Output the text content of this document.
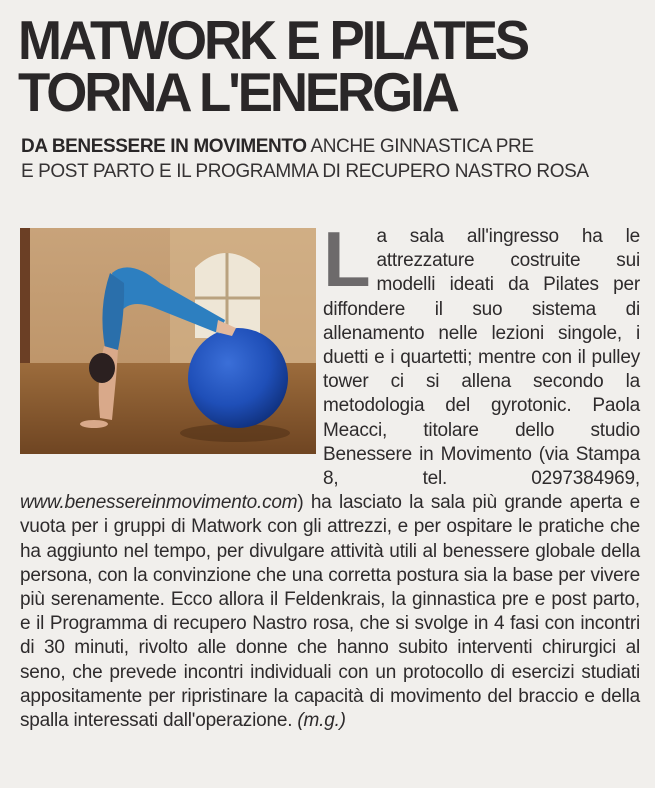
MATWORK E PILATES
TORNA L'ENERGIA
DA BENESSERE IN MOVIMENTO ANCHE GINNASTICA PRE
E POST PARTO E IL PROGRAMMA DI RECUPERO NASTRO ROSA
La sala all'ingresso ha le attrezzature costruite sui modelli ideati da Pilates per diffondere il suo sistema di allenamento nelle lezioni singole, i duetti e i quartetti; mentre con il pulley tower ci si allena secondo la metodologia del gyrotonic. Paola Meacci, titolare dello studio Benessere in Movimento (via Stampa 8, tel. 0297384969, www.benessereinmovimento.com) ha lasciato la sala più grande aperta e vuota per i gruppi di Matwork con gli attrezzi, e per ospitare le pratiche che ha aggiunto nel tempo, per divulgare attività utili al benessere globale della persona, con la convinzione che una corretta postura sia la base per vivere più serenamente. Ecco allora il Feldenkrais, la ginnastica pre e post parto, e il Programma di recupero Nastro rosa, che si svolge in 4 fasi con incontri di 30 minuti, rivolto alle donne che hanno subito interventi chirurgici al seno, che prevede incontri individuali con un protocollo di esercizi studiati appositamente per ripristinare la capacità di movimento del braccio e della spalla interessati dall'operazione. (m.g.)
